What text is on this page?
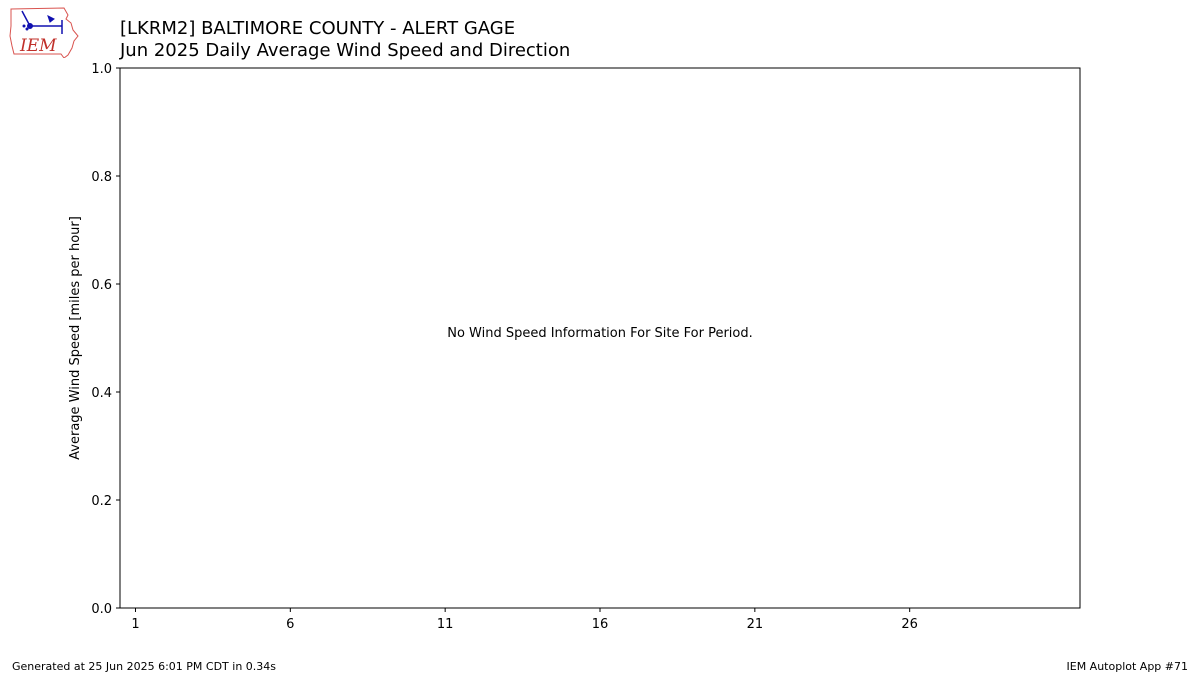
IEM
[LKRM2] BALTIMORE COUNTY - ALERT GAGE
Jun 2025 Daily Average Wind Speed and Direction
0.0
0.2
0.4
0.6
0.8
1.0
1	6	11	16	21	26
Average Wind Speed [miles per hour]	No Wind Speed Information For Site For Period.
Generated at 25 Jun 2025 6:01 PM CDT in 0.34s	IEM Autoplot App #71
